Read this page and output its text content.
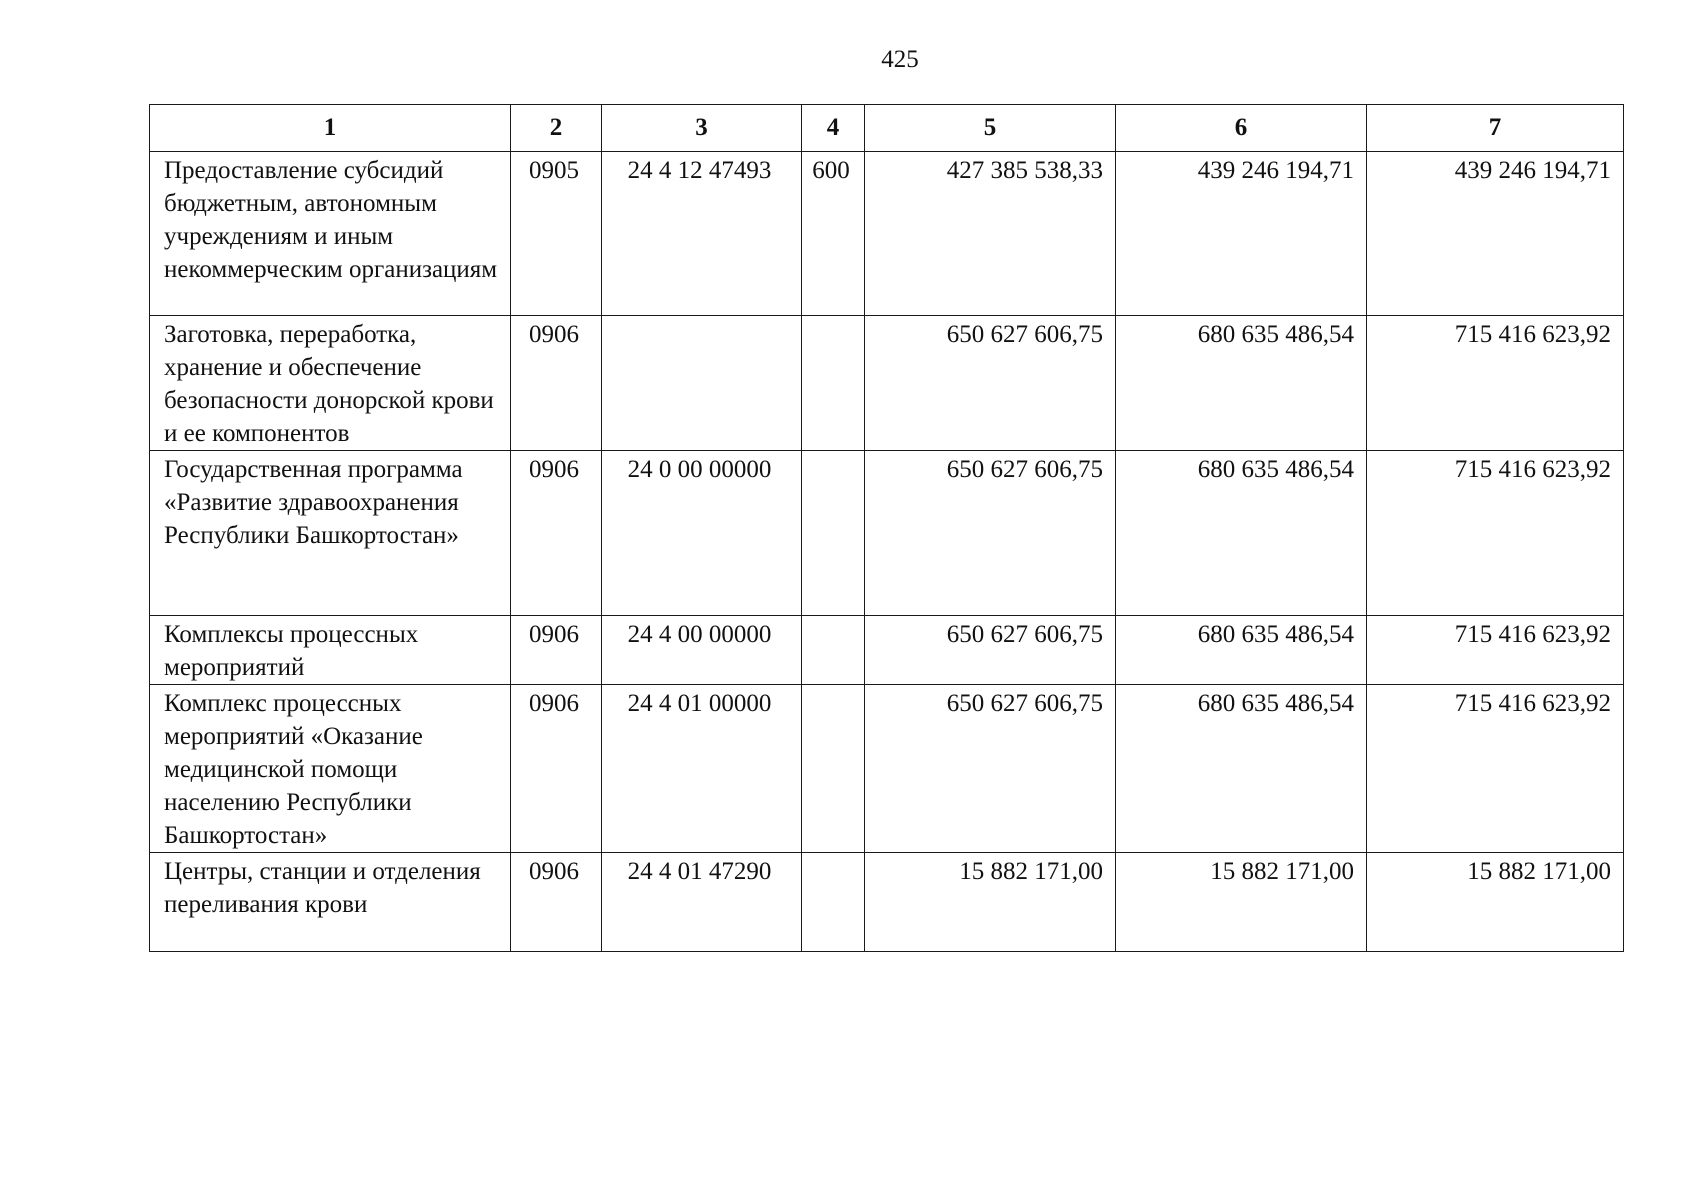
425
1	2	3	4	5	6	7
Предоставление субсидий бюджетным, автономным учреждениям и иным некоммерческим организациям	0905	24 4 12 47493	600	427 385 538,33	439 246 194,71	439 246 194,71
Заготовка, переработка, хранение и обеспечение безопасности донорской крови и ее компонентов	0906			650 627 606,75	680 635 486,54	715 416 623,92
Государственная программа «Развитие здравоохранения Республики Башкортостан»	0906	24 0 00 00000		650 627 606,75	680 635 486,54	715 416 623,92
Комплексы процессных мероприятий	0906	24 4 00 00000		650 627 606,75	680 635 486,54	715 416 623,92
Комплекс процессных мероприятий «Оказание медицинской помощи населению Республики Башкортостан»	0906	24 4 01 00000		650 627 606,75	680 635 486,54	715 416 623,92
Центры, станции и отделения переливания крови	0906	24 4 01 47290		15 882 171,00	15 882 171,00	15 882 171,00
